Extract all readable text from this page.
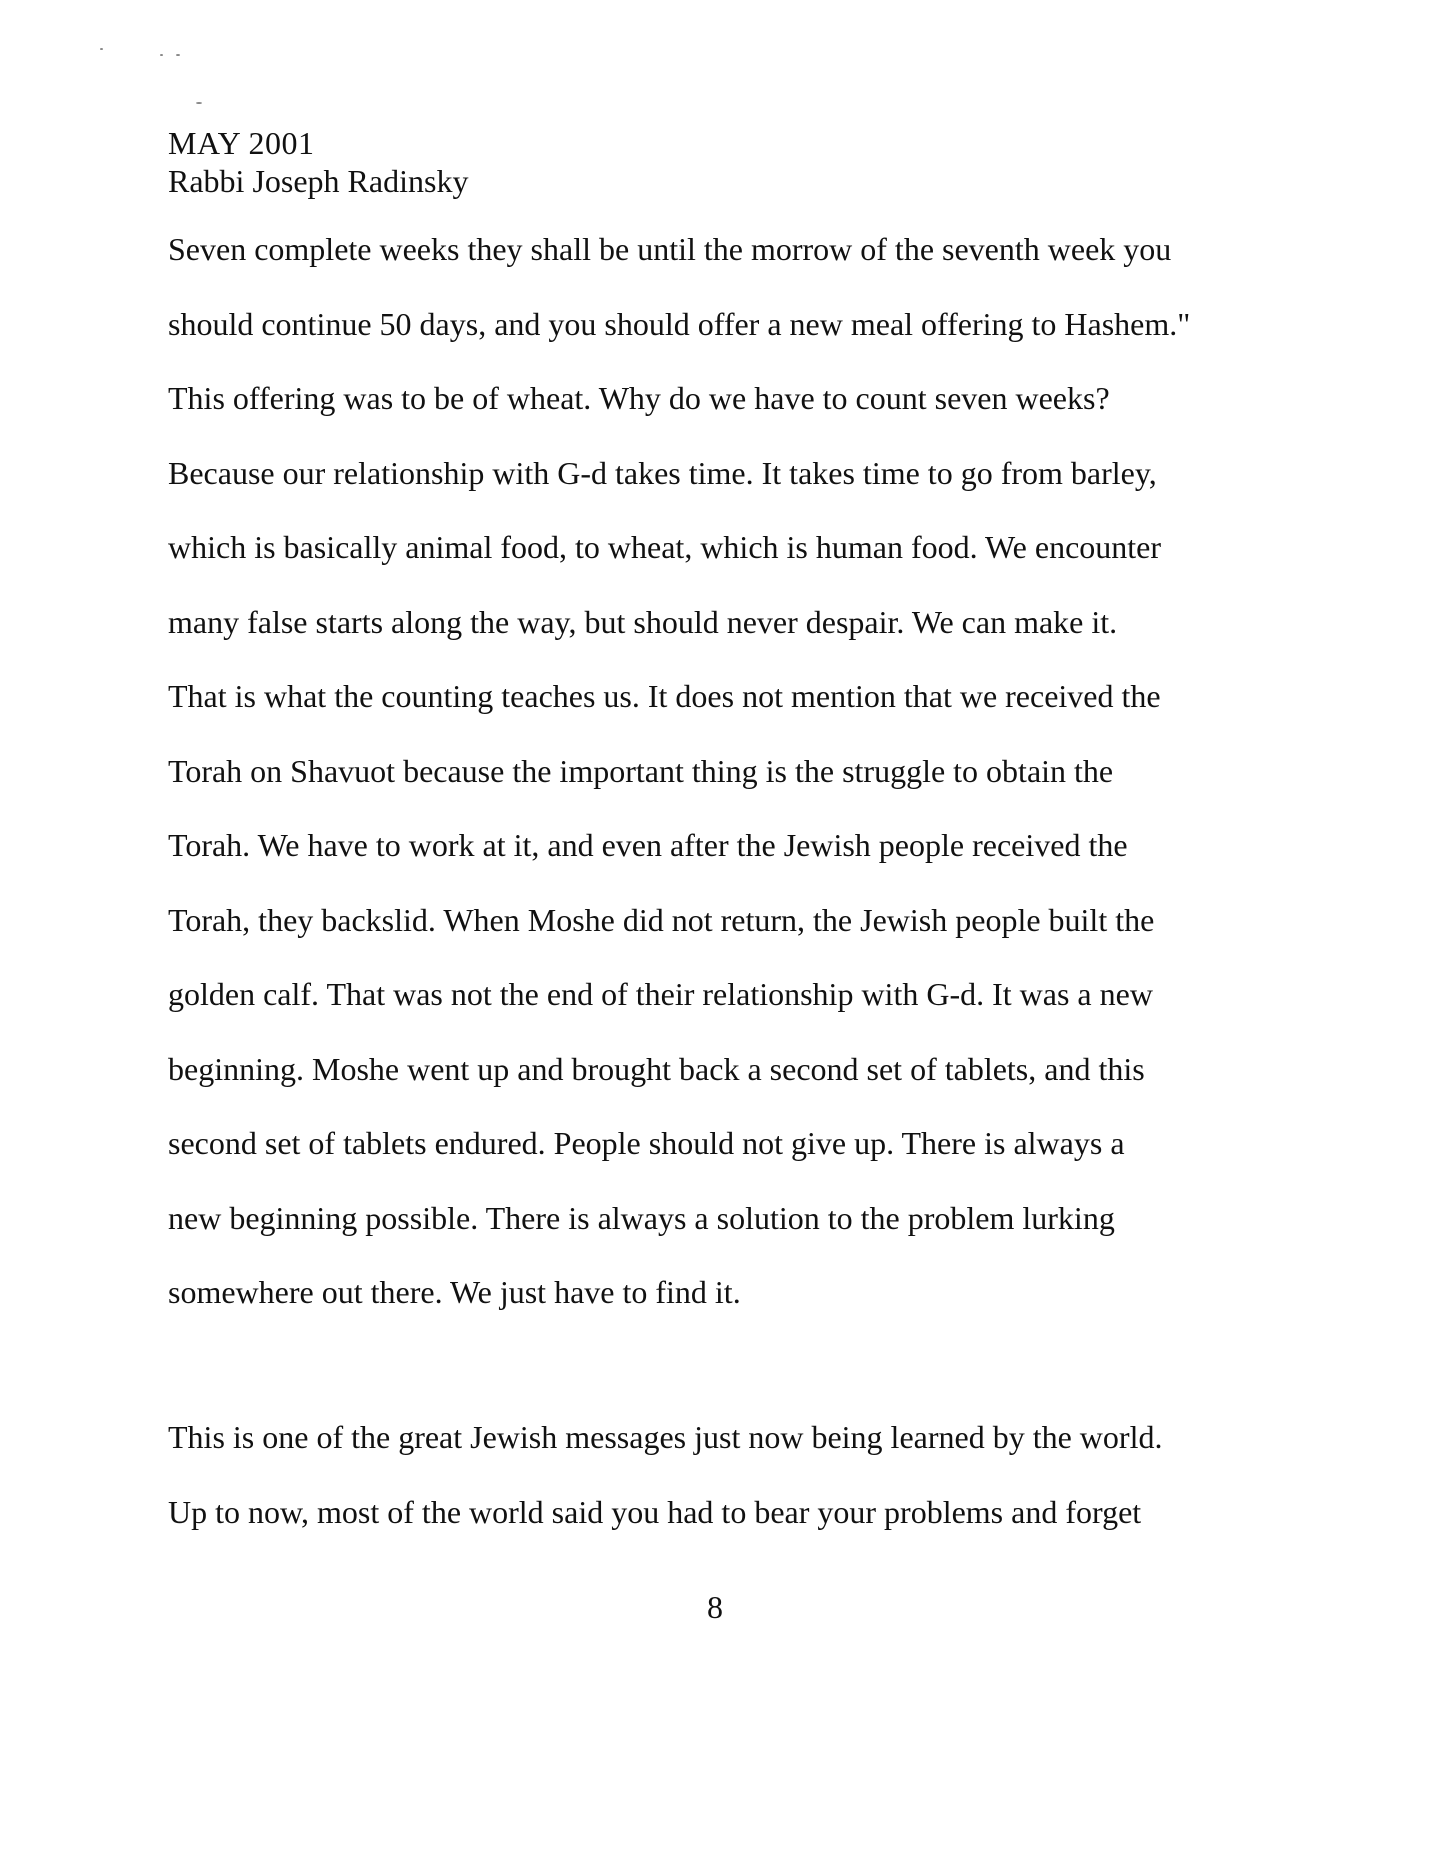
MAY 2001
Rabbi Joseph Radinsky
Seven complete weeks they shall be until the morrow of the seventh week you
should continue 50 days, and you should offer a new meal offering to Hashem."
This offering was to be of wheat. Why do we have to count seven weeks?
Because our relationship with G-d takes time. It takes time to go from barley,
which is basically animal food, to wheat, which is human food. We encounter
many false starts along the way, but should never despair. We can make it.
That is what the counting teaches us. It does not mention that we received the
Torah on Shavuot because the important thing is the struggle to obtain the
Torah. We have to work at it, and even after the Jewish people received the
Torah, they backslid. When Moshe did not return, the Jewish people built the
golden calf. That was not the end of their relationship with G-d. It was a new
beginning. Moshe went up and brought back a second set of tablets, and this
second set of tablets endured. People should not give up. There is always a
new beginning possible. There is always a solution to the problem lurking
somewhere out there. We just have to find it.
This is one of the great Jewish messages just now being learned by the world.
Up to now, most of the world said you had to bear your problems and forget
8
